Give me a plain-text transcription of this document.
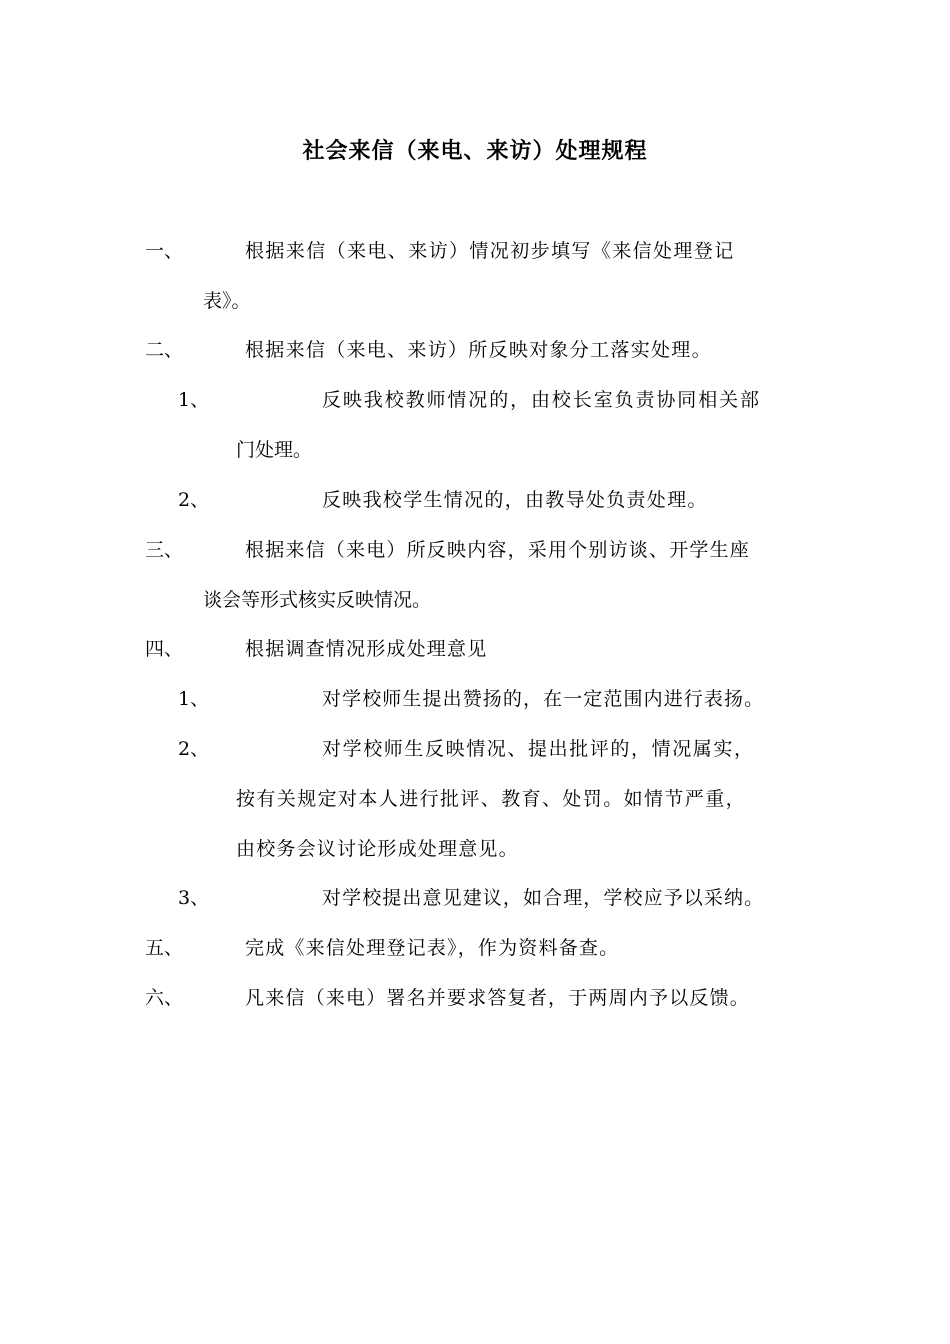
社会来信（来电、来访）处理规程
一、	根据来信（来电、来访）情况初步填写《来信处理登记
表》。
二、	根据来信（来电、来访）所反映对象分工落实处理。
1、	反映我校教师情况的，由校长室负责协同相关部
门处理。
2、	反映我校学生情况的，由教导处负责处理。
三、	根据来信（来电）所反映内容，采用个别访谈、开学生座
谈会等形式核实反映情况。
四、	根据调查情况形成处理意见
1、	对学校师生提出赞扬的，在一定范围内进行表扬。
2、	对学校师生反映情况、提出批评的，情况属实，
按有关规定对本人进行批评、教育、处罚。如情节严重，
由校务会议讨论形成处理意见。
3、	对学校提出意见建议，如合理，学校应予以采纳。
五、	完成《来信处理登记表》，作为资料备查。
六、	凡来信（来电）署名并要求答复者，于两周内予以反馈。
